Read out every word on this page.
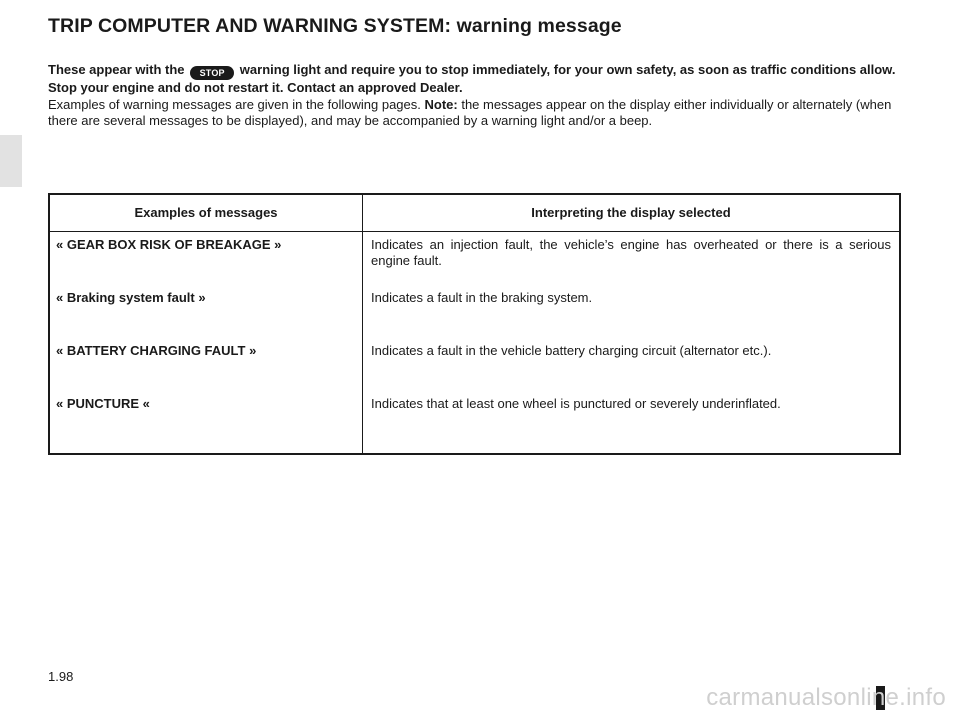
TRIP COMPUTER AND WARNING SYSTEM: warning message
These appear with the STOP warning light and require you to stop immediately, for your own safety, as soon as traffic conditions allow. Stop your engine and do not restart it. Contact an approved Dealer.
Examples of warning messages are given in the following pages. Note: the messages appear on the display either individually or alternately (when there are several messages to be displayed), and may be accompanied by a warning light and/or a beep.
Examples of messages	Interpreting the display selected
« GEAR BOX RISK OF BREAKAGE »	Indicates an injection fault, the vehicle’s engine has overheated or there is a serious engine fault.
« Braking system fault »	Indicates a fault in the braking system.
« BATTERY CHARGING FAULT »	Indicates a fault in the vehicle battery charging circuit (alternator etc.).
« PUNCTURE «	Indicates that at least one wheel is punctured or severely underinflated.
1.98
carmanualsonline.info
